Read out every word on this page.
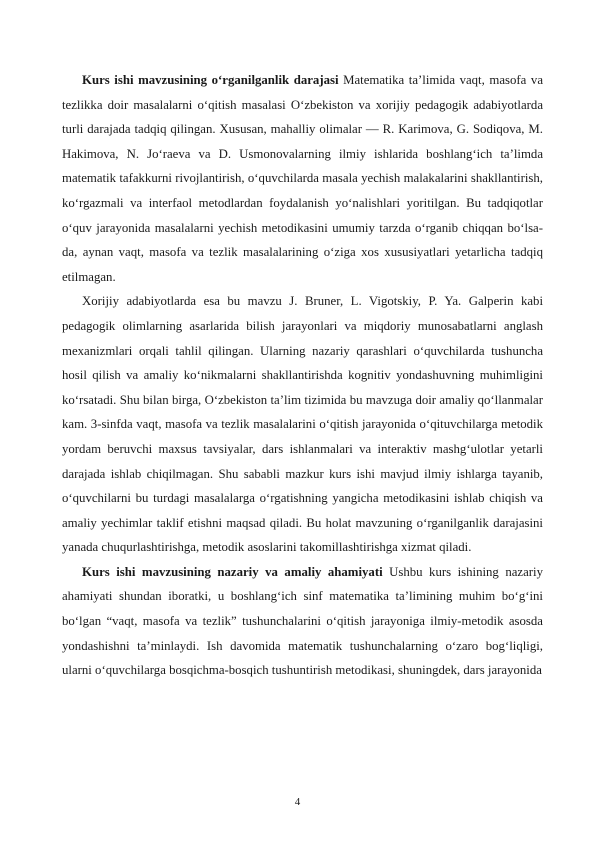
Kurs ishi mavzusining o‘rganilganlik darajasi Matematika ta’limida vaqt, masofa va tezlikka doir masalalarni o‘qitish masalasi O‘zbekiston va xorijiy pedagogik adabiyotlarda turli darajada tadqiq qilingan. Xususan, mahalliy olimalar — R. Karimova, G. Sodiqova, M. Hakimova, N. Jo‘raeva va D. Usmonovalarning ilmiy ishlarida boshlang‘ich ta’limda matematik tafakkurni rivojlantirish, o‘quvchilarda masala yechish malakalarini shakllantirish, ko‘rgazmali va interfaol metodlardan foydalanish yo‘nalishlari yoritilgan. Bu tadqiqotlar o‘quv jarayonida masalalarni yechish metodikasini umumiy tarzda o‘rganib chiqqan bo‘lsa-da, aynan vaqt, masofa va tezlik masalalarining o‘ziga xos xususiyatlari yetarlicha tadqiq etilmagan.

Xorijiy adabiyotlarda esa bu mavzu J. Bruner, L. Vigotskiy, P. Ya. Galperin kabi pedagogik olimlarning asarlarida bilish jarayonlari va miqdoriy munosabatlarni anglash mexanizmlari orqali tahlil qilingan. Ularning nazariy qarashlari o‘quvchilarda tushuncha hosil qilish va amaliy ko‘nikmalarni shakllantirishda kognitiv yondashuvning muhimligini ko‘rsatadi. Shu bilan birga, O‘zbekiston ta’lim tizimida bu mavzuga doir amaliy qo‘llanmalar kam. 3-sinfda vaqt, masofa va tezlik masalalarini o‘qitish jarayonida o‘qituvchilarga metodik yordam beruvchi maxsus tavsiyalar, dars ishlanmalari va interaktiv mashg‘ulotlar yetarli darajada ishlab chiqilmagan. Shu sababli mazkur kurs ishi mavjud ilmiy ishlarga tayanib, o‘quvchilarni bu turdagi masalalarga o‘rgatishning yangicha metodikasini ishlab chiqish va amaliy yechimlar taklif etishni maqsad qiladi. Bu holat mavzuning o‘rganilganlik darajasini yanada chuqurlashtirishga, metodik asoslarini takomillashtirishga xizmat qiladi.

Kurs ishi mavzusining nazariy va amaliy ahamiyati Ushbu kurs ishining nazariy ahamiyati shundan iboratki, u boshlang‘ich sinf matematika ta’limining muhim bo‘g‘ini bo‘lgan “vaqt, masofa va tezlik” tushunchalarini o‘qitish jarayoniga ilmiy-metodik asosda yondashishni ta’minlaydi. Ish davomida matematik tushunchalarning o‘zaro bog‘liqligi, ularni o‘quvchilarga bosqichma-bosqich tushuntirish metodikasi, shuningdek, dars jarayonida

4
